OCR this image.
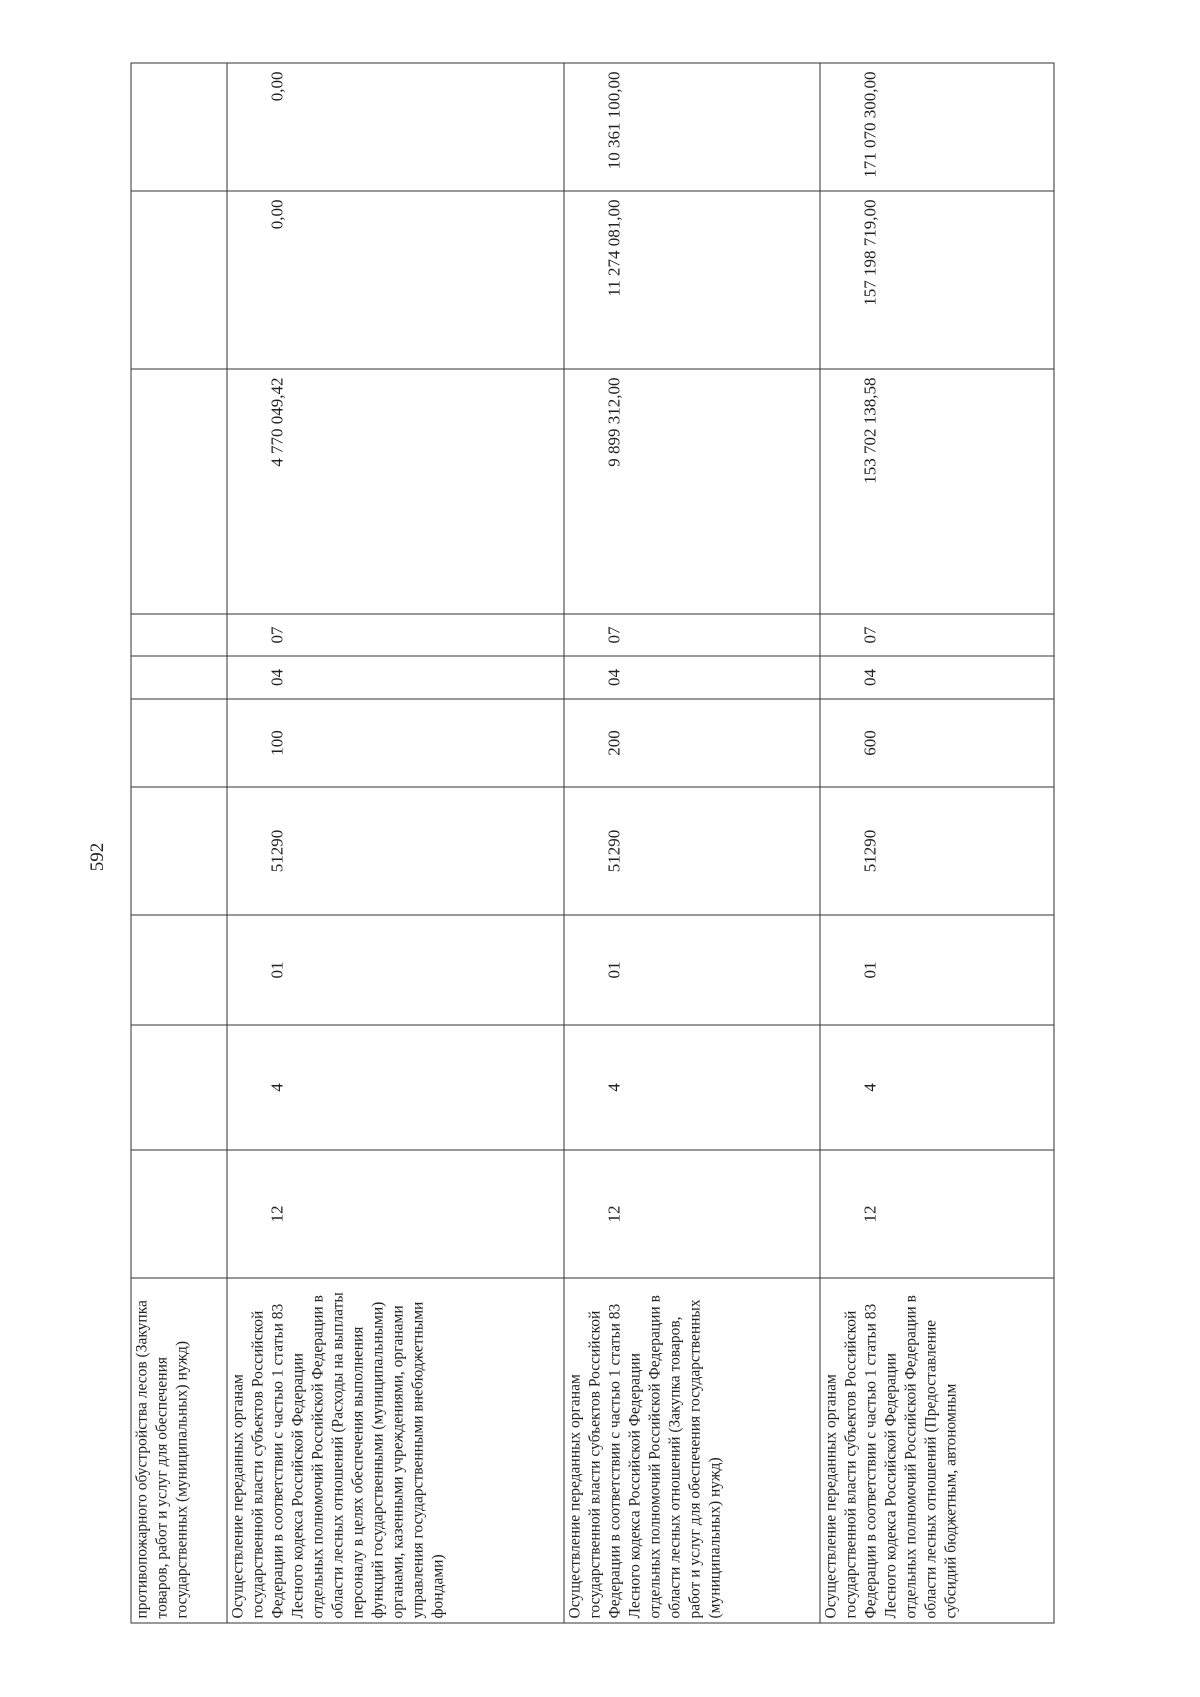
592
противопожарного обустройства лесов (Закупка товаров, работ и услуг для обеспечения государственных (муниципальных) нужд)										
Осуществление переданных органам государственной власти субъектов Российской Федерации в соответствии с частью 1 статьи 83 Лесного кодекса Российской Федерации отдельных полномочий Российской Федерации в области лесных отношений (Расходы на выплаты персоналу в целях обеспечения выполнения функций государственными (муниципальными) органами, казенными учреждениями, органами управления государственными внебюджетными фондами)	12	4	01	51290	100	04	07	4 770 049,42	0,00	0,00
Осуществление переданных органам государственной власти субъектов Российской Федерации в соответствии с частью 1 статьи 83 Лесного кодекса Российской Федерации отдельных полномочий Российской Федерации в области лесных отношений (Закупка товаров, работ и услуг для обеспечения государственных (муниципальных) нужд)	12	4	01	51290	200	04	07	9 899 312,00	11 274 081,00	10 361 100,00
Осуществление переданных органам государственной власти субъектов Российской Федерации в соответствии с частью 1 статьи 83 Лесного кодекса Российской Федерации отдельных полномочий Российской Федерации в области лесных отношений (Предоставление субсидий бюджетным, автономным	12	4	01	51290	600	04	07	153 702 138,58	157 198 719,00	171 070 300,00
